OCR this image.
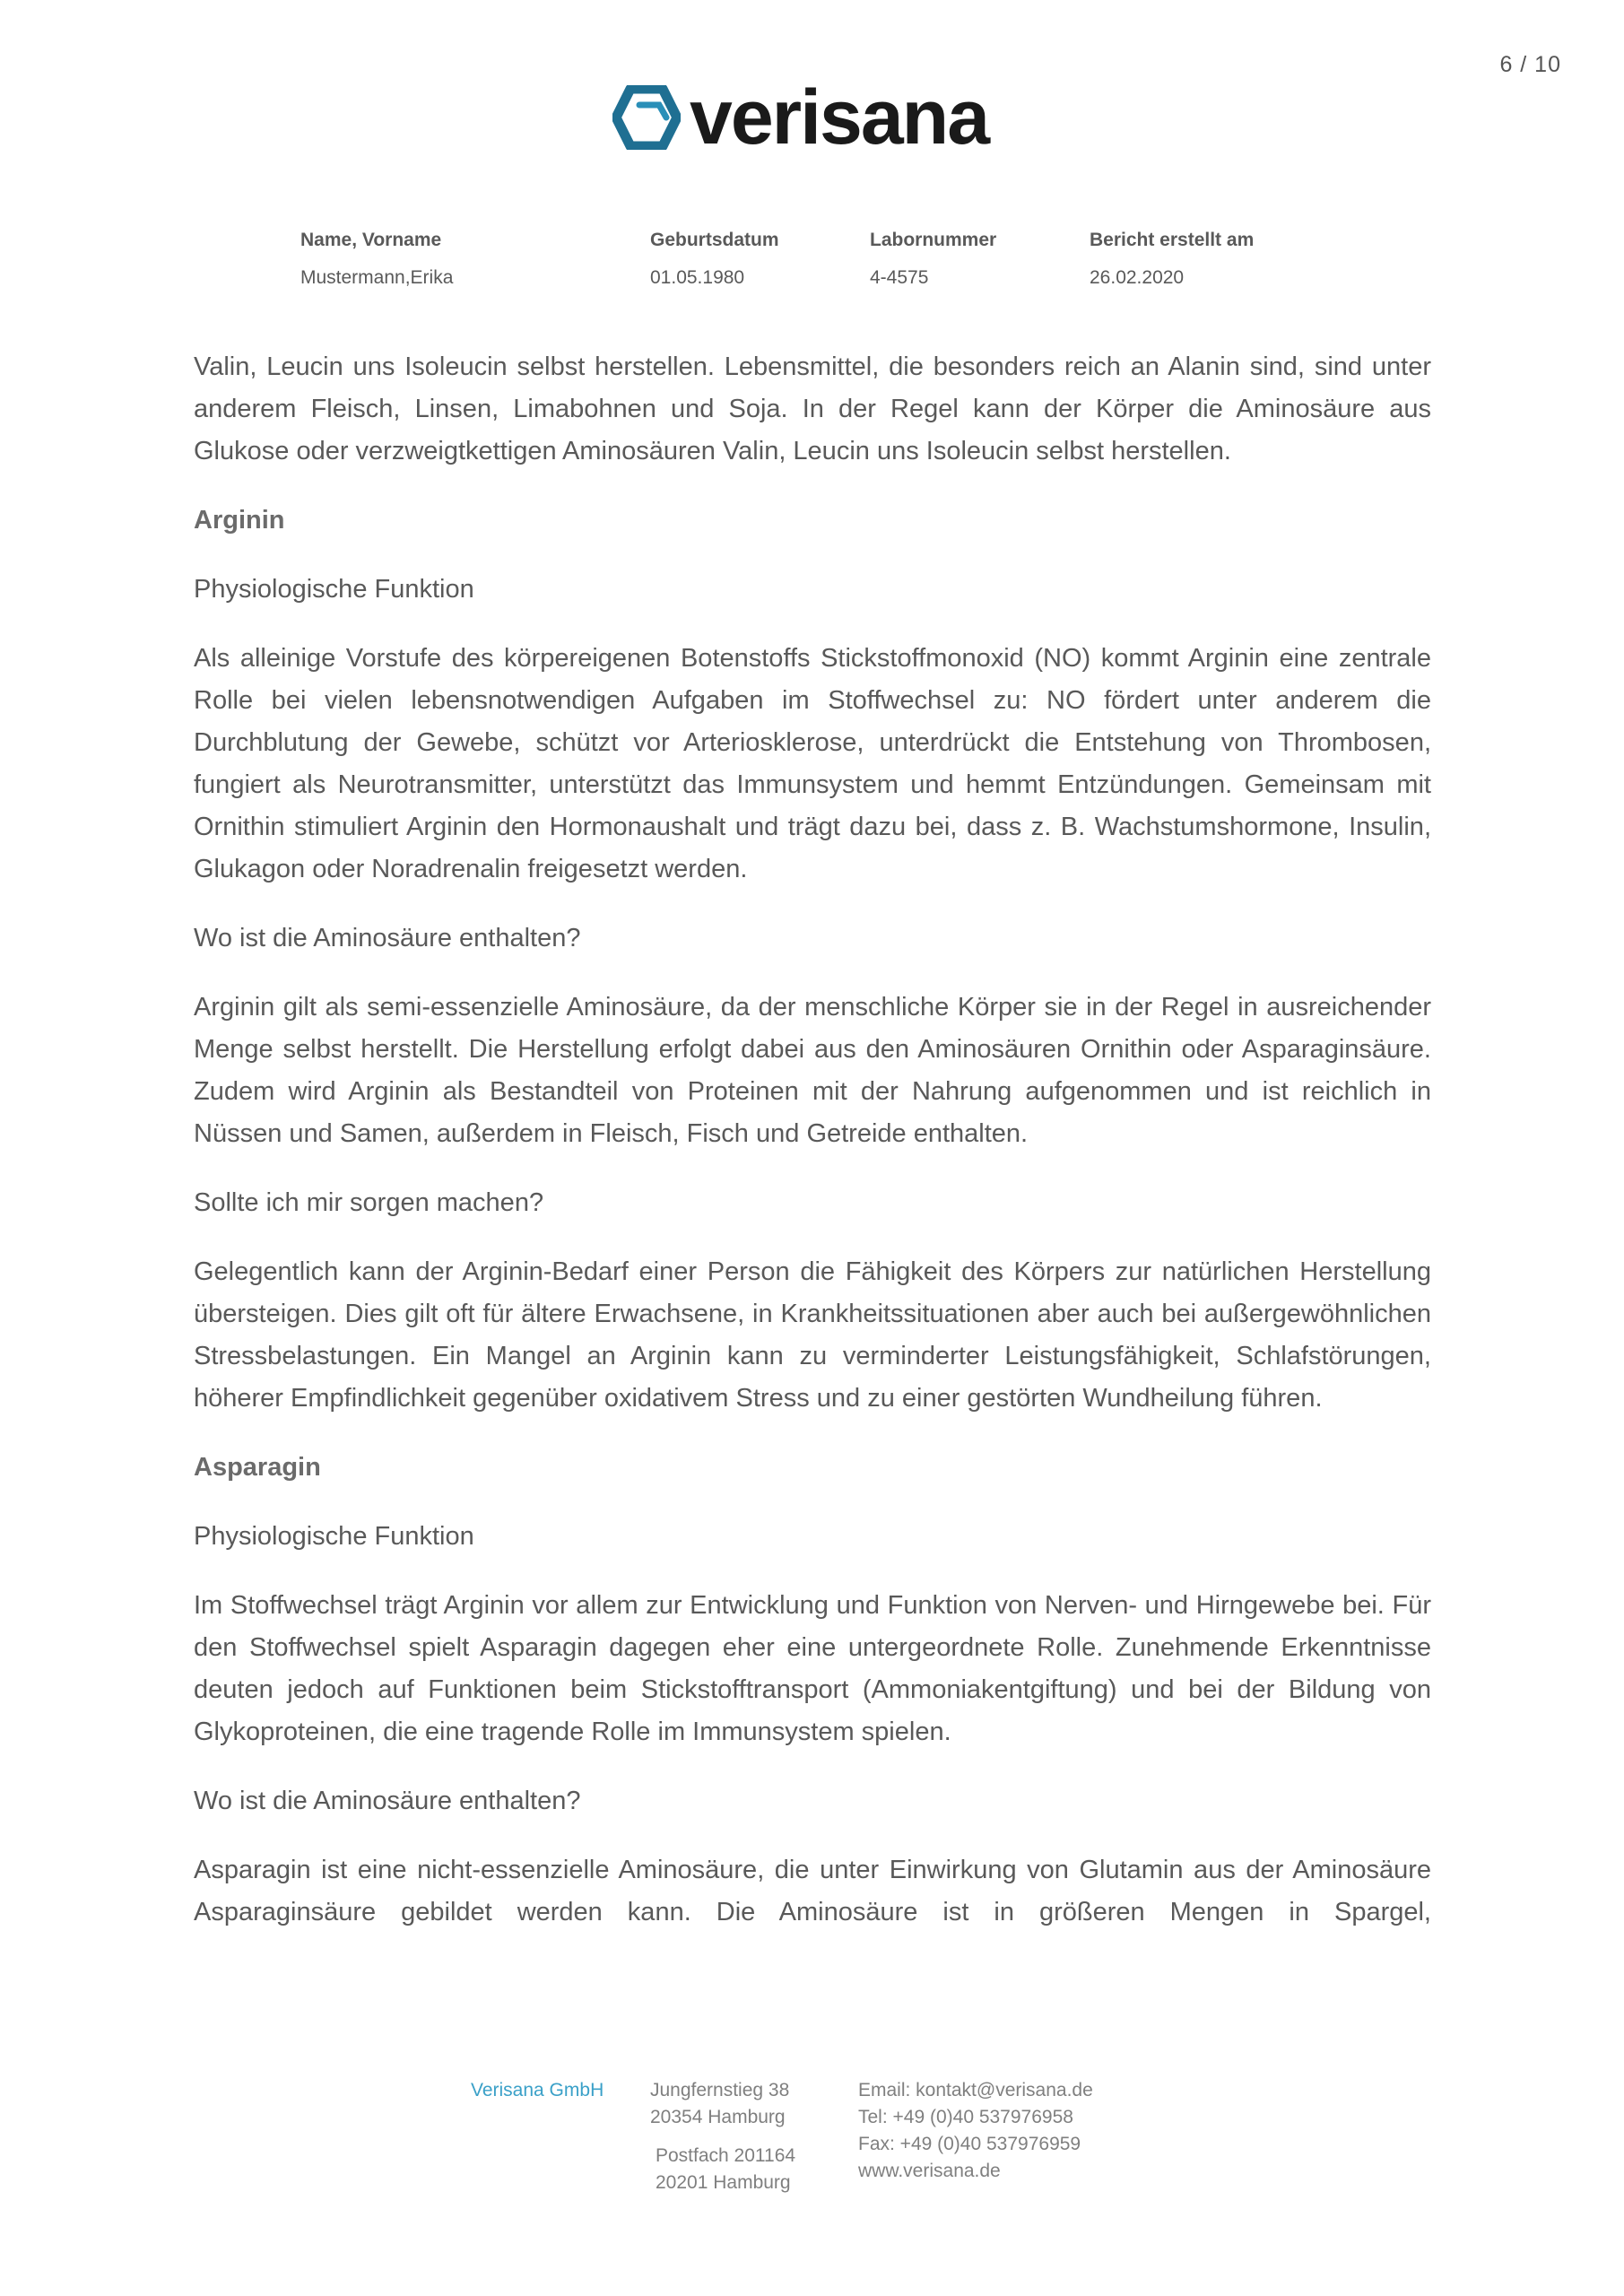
6 / 10
verisana
Name, Vorname	Geburtsdatum	Labornummer	Bericht erstellt am
Mustermann,Erika	01.05.1980	4-4575	26.02.2020

Valin, Leucin uns Isoleucin selbst herstellen. Lebensmittel, die besonders reich an Alanin sind, sind unter anderem Fleisch, Linsen, Limabohnen und Soja. In der Regel kann der Körper die Aminosäure aus Glukose oder verzweigtkettigen Aminosäuren Valin, Leucin uns Isoleucin selbst herstellen.

Arginin
Physiologische Funktion

Als alleinige Vorstufe des körpereigenen Botenstoffs Stickstoffmonoxid (NO) kommt Arginin eine zentrale Rolle bei vielen lebensnotwendigen Aufgaben im Stoffwechsel zu: NO fördert unter anderem die Durchblutung der Gewebe, schützt vor Arteriosklerose, unterdrückt die Entstehung von Thrombosen, fungiert als Neurotransmitter, unterstützt das Immunsystem und hemmt Entzündungen. Gemeinsam mit Ornithin stimuliert Arginin den Hormonaushalt und trägt dazu bei, dass z. B. Wachstumshormone, Insulin, Glukagon oder Noradrenalin freigesetzt werden.

Wo ist die Aminosäure enthalten?

Arginin gilt als semi-essenzielle Aminosäure, da der menschliche Körper sie in der Regel in ausreichender Menge selbst herstellt. Die Herstellung erfolgt dabei aus den Aminosäuren Ornithin oder Asparaginsäure. Zudem wird Arginin als Bestandteil von Proteinen mit der Nahrung aufgenommen und ist reichlich in Nüssen und Samen, außerdem in Fleisch, Fisch und Getreide enthalten.

Sollte ich mir sorgen machen?

Gelegentlich kann der Arginin-Bedarf einer Person die Fähigkeit des Körpers zur natürlichen Herstellung übersteigen. Dies gilt oft für ältere Erwachsene, in Krankheitssituationen aber auch bei außergewöhnlichen Stressbelastungen. Ein Mangel an Arginin kann zu verminderter Leistungsfähigkeit, Schlafstörungen, höherer Empfindlichkeit gegenüber oxidativem Stress und zu einer gestörten Wundheilung führen.

Asparagin
Physiologische Funktion

Im Stoffwechsel trägt Arginin vor allem zur Entwicklung und Funktion von Nerven- und Hirngewebe bei. Für den Stoffwechsel spielt Asparagin dagegen eher eine untergeordnete Rolle. Zunehmende Erkenntnisse deuten jedoch auf Funktionen beim Stickstofftransport (Ammoniakentgiftung) und bei der Bildung von Glykoproteinen, die eine tragende Rolle im Immunsystem spielen.

Wo ist die Aminosäure enthalten?

Asparagin ist eine nicht-essenzielle Aminosäure, die unter Einwirkung von Glutamin aus der Aminosäure Asparaginsäure gebildet werden kann. Die Aminosäure ist in größeren Mengen in Spargel,

Verisana GmbH Jungfernstieg 38
20354 Hamburg
Postfach 201164
20201 Hamburg
Email: kontakt@verisana.de
Tel: +49 (0)40 537976958
Fax: +49 (0)40 537976959
www.verisana.de
